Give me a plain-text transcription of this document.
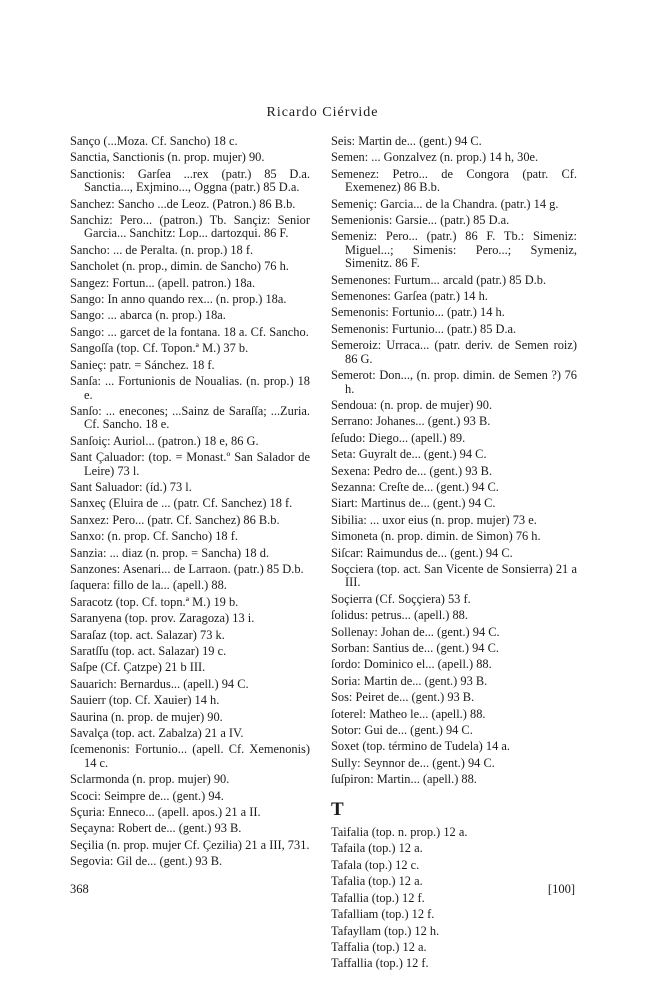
Ricardo Ciérvide
Sanço (...Moza. Cf. Sancho) 18 c.
Sanctia, Sanctionis (n. prop. mujer) 90.
Sanctionis: Garſea ...rex (patr.) 85 D.a. Sanctia..., Exjmino..., Oggna (patr.) 85 D.a.
Sanchez: Sancho ...de Leoz. (Patron.) 86 B.b.
Sanchiz: Pero... (patron.) Tb. Sançiz: Senior Garcia... Sanchitz: Lop... dartozqui. 86 F.
Sancho: ... de Peralta. (n. prop.) 18 f.
Sancholet (n. prop., dimin. de Sancho) 76 h.
Sangez: Fortun... (apell. patron.) 18a.
Sango: In anno quando rex... (n. prop.) 18a.
Sango: ... abarca (n. prop.) 18a.
Sango: ... garcet de la fontana. 18 a. Cf. Sancho.
Sangoſſa (top. Cf. Topon.ª M.) 37 b.
Sanieç: patr. = Sánchez. 18 f.
Sanſa: ... Fortunionis de Noualias. (n. prop.) 18 e.
Sanſo: ... enecones; ...Sainz de Saraſſa; ...Zuria. Cf. Sancho. 18 e.
Sanſoiç: Auriol... (patron.) 18 e, 86 G.
Sant Çaluador: (top. = Monast.º San Salador de Leire) 73 l.
Sant Saluador: (íd.) 73 l.
Sanxeç (Eluira de ... (patr. Cf. Sanchez) 18 f.
Sanxez: Pero... (patr. Cf. Sanchez) 86 B.b.
Sanxo: (n. prop. Cf. Sancho) 18 f.
Sanzia: ... diaz (n. prop. = Sancha) 18 d.
Sanzones: Asenari... de Larraon. (patr.) 85 D.b.
ſaquera: fillo de la... (apell.) 88.
Saracotz (top. Cf. topn.ª M.) 19 b.
Saranyena (top. prov. Zaragoza) 13 i.
Saraſaz (top. act. Salazar) 73 k.
Saratſſu (top. act. Salazar) 19 c.
Saſpe (Cf. Çatzpe) 21 b III.
Sauarich: Bernardus... (apell.) 94 C.
Sauierr (top. Cf. Xauier) 14 h.
Saurina (n. prop. de mujer) 90.
Savalça (top. act. Zabalza) 21 a IV.
ſcemenonis: Fortunio... (apell. Cf. Xemenonis) 14 c.
Sclarmonda (n. prop. mujer) 90.
Scoci: Seimpre de... (gent.) 94.
Sçuria: Enneco... (apell. apos.) 21 a II.
Seçayna: Robert de... (gent.) 93 B.
Seçilia (n. prop. mujer Cf. Çezilia) 21 a III, 731.
Segovia: Gil de... (gent.) 93 B.
Seis: Martin de... (gent.) 94 C.
Semen: ... Gonzalvez (n. prop.) 14 h, 30e.
Semenez: Petro... de Congora (patr. Cf. Exemenez) 86 B.b.
Semeniç: Garcia... de la Chandra. (patr.) 14 g.
Semenionis: Garsie... (patr.) 85 D.a.
Semeniz: Pero... (patr.) 86 F. Tb.: Simeniz: Miguel...; Simenis: Pero...; Symeniz, Simenitz. 86 F.
Semenones: Furtum... arcald (patr.) 85 D.b.
Semenones: Garſea (patr.) 14 h.
Semenonis: Fortunio... (patr.) 14 h.
Semenonis: Furtunio... (patr.) 85 D.a.
Semeroiz: Urraca... (patr. deriv. de Semen roiz) 86 G.
Semerot: Don..., (n. prop. dimin. de Semen ?) 76 h.
Sendoua: (n. prop. de mujer) 90.
Serrano: Johanes... (gent.) 93 B.
ſeſudo: Diego... (apell.) 89.
Seta: Guyralt de... (gent.) 94 C.
Sexena: Pedro de... (gent.) 93 B.
Sezanna: Creſte de... (gent.) 94 C.
Siart: Martinus de... (gent.) 94 C.
Sibilia: ... uxor eius (n. prop. mujer) 73 e.
Simoneta (n. prop. dimin. de Simon) 76 h.
Siſcar: Raimundus de... (gent.) 94 C.
Soçciera (top. act. San Vicente de Sonsierra) 21 a III.
Soçierra (Cf. Soççiera) 53 f.
ſolidus: petrus... (apell.) 88.
Sollenay: Johan de... (gent.) 94 C.
Sorban: Santius de... (gent.) 94 C.
ſordo: Dominico el... (apell.) 88.
Soria: Martin de... (gent.) 93 B.
Sos: Peiret de... (gent.) 93 B.
ſoterel: Matheo le... (apell.) 88.
Sotor: Gui de... (gent.) 94 C.
Soxet (top. término de Tudela) 14 a.
Sully: Seynnor de... (gent.) 94 C.
ſuſpiron: Martin... (apell.) 88.
T
Taifalia (top. n. prop.) 12 a.
Tafaila (top.) 12 a.
Tafala (top.) 12 c.
Tafalia (top.) 12 a.
Tafallia (top.) 12 f.
Tafalliam (top.) 12 f.
Tafayllam (top.) 12 h.
Taffalia (top.) 12 a.
Taffallia (top.) 12 f.
368	[100]
